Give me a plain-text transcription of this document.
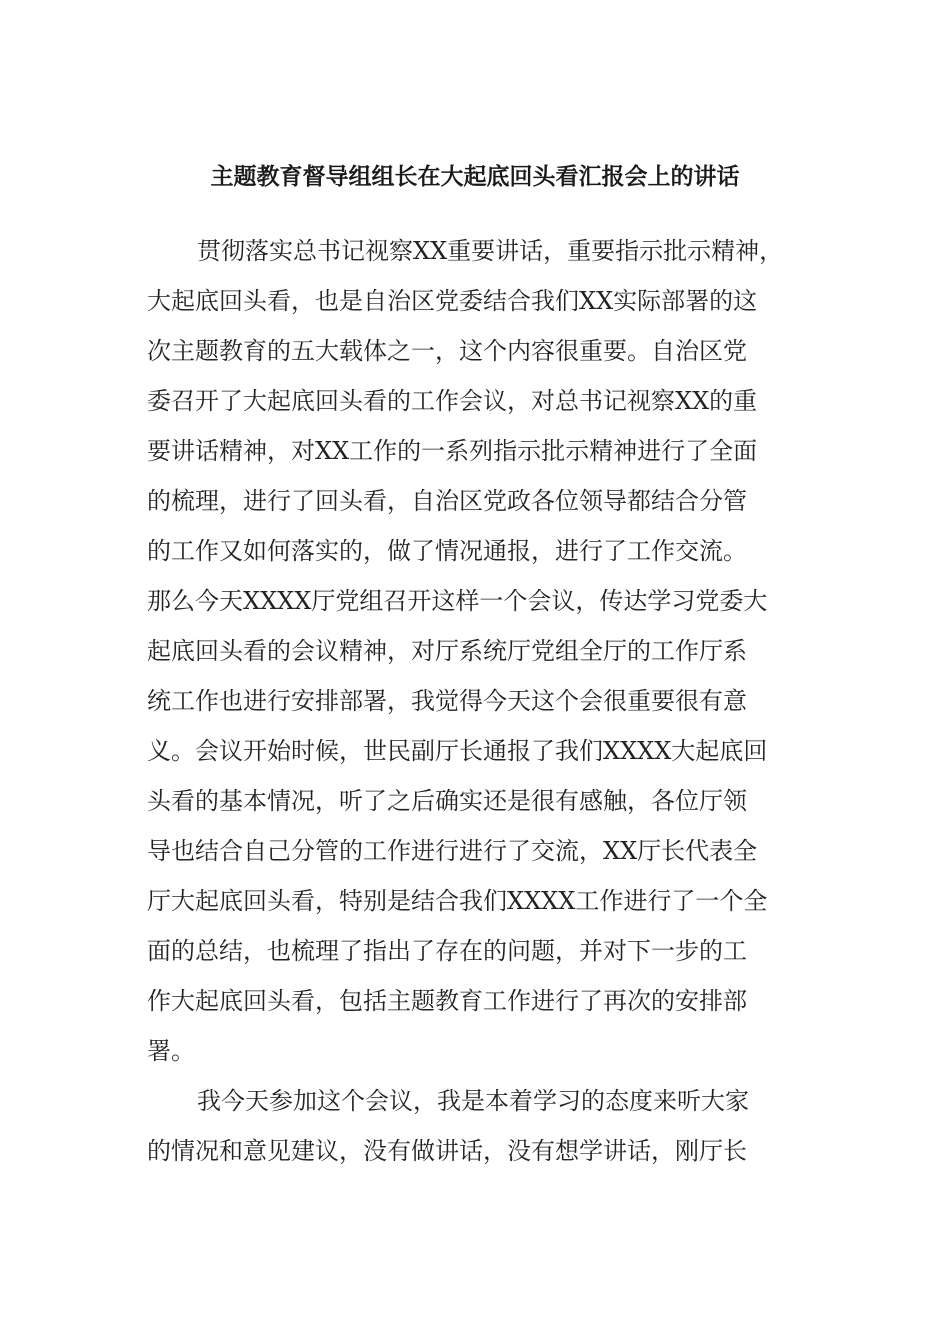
主题教育督导组组长在大起底回头看汇报会上的讲话
贯彻落实总书记视察XX重要讲话，重要指示批示精神，
大起底回头看，也是自治区党委结合我们XX实际部署的这
次主题教育的五大载体之一，这个内容很重要。自治区党
委召开了大起底回头看的工作会议，对总书记视察XX的重
要讲话精神，对XX工作的一系列指示批示精神进行了全面
的梳理，进行了回头看，自治区党政各位领导都结合分管
的工作又如何落实的，做了情况通报，进行了工作交流。
那么今天XXXX厅党组召开这样一个会议，传达学习党委大
起底回头看的会议精神，对厅系统厅党组全厅的工作厅系
统工作也进行安排部署，我觉得今天这个会很重要很有意
义。会议开始时候，世民副厅长通报了我们XXXX大起底回
头看的基本情况，听了之后确实还是很有感触，各位厅领
导也结合自己分管的工作进行进行了交流，XX厅长代表全
厅大起底回头看，特别是结合我们XXXX工作进行了一个全
面的总结，也梳理了指出了存在的问题，并对下一步的工
作大起底回头看，包括主题教育工作进行了再次的安排部
署。
我今天参加这个会议，我是本着学习的态度来听大家
的情况和意见建议，没有做讲话，没有想学讲话，刚厅长
